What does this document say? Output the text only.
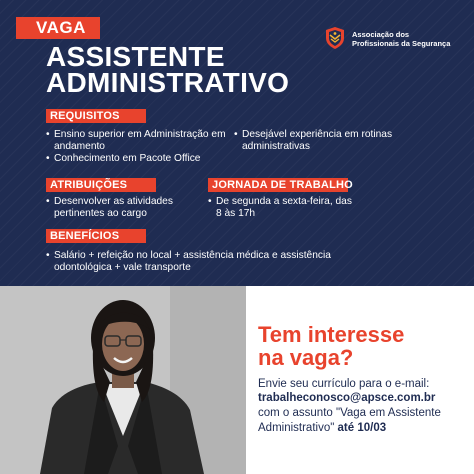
VAGA
ASSISTENTE
ADMINISTRATIVO
Associação dos
Profissionais da Segurança
REQUISITOS
• Ensino superior em Administração em andamento
• Conhecimento em Pacote Office
• Desejável experiência em rotinas administrativas
ATRIBUIÇÕES
• Desenvolver as atividades pertinentes ao cargo
JORNADA DE TRABALHO
• De segunda a sexta-feira, das 8 às 17h
BENEFÍCIOS
• Salário + refeição no local + assistência médica e assistência odontológica + vale transporte
Tem interesse
na vaga?
Envie seu currículo para o e-mail:
trabalheconosco@apsce.com.br
com o assunto "Vaga em Assistente
Administrativo" até 10/03
